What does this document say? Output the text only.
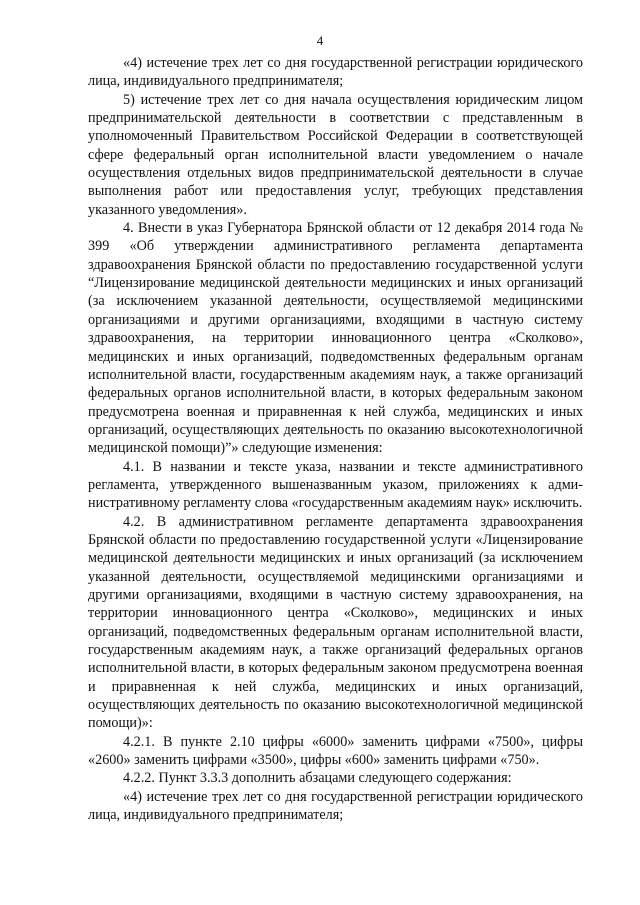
4

«4) истечение трех лет со дня государственной регистрации юридического лица, индивидуального предпринимателя;

5) истечение трех лет со дня начала осуществления юридическим лицом предпринимательской деятельности в соответствии с представленным в уполномоченный Правительством Российской Федерации в соответствующей сфере федеральный орган исполнительной власти уведомлением о начале осуществления отдельных видов предпринимательской деятельности в случае выполнения работ или предоставления услуг, требующих представления указанного уведомления».

4. Внести в указ Губернатора Брянской области от 12 декабря 2014 года № 399 «Об утверждении административного регламента департамента здравоохранения Брянской области по предоставлению государственной услуги “Лицензирование медицинской деятельности медицинских и иных организаций (за исключением указанной деятельности, осуществляемой медицинскими организациями и другими организациями, входящими в частную систему здравоохранения, на территории инновационного центра «Сколково», медицинских и иных организаций, подведомственных федеральным органам исполнительной власти, государственным академиям наук, а также организаций федеральных органов исполнительной власти, в которых федеральным законом предусмотрена военная и приравненная к ней служба, медицинских и иных организаций, осуществляющих деятельность по оказанию высокотехнологичной медицинской помощи)”» следующие изменения:

4.1. В названии и тексте указа, названии и тексте административного регламента, утвержденного вышеназванным указом, приложениях к административному регламенту слова «государственным академиям наук» исключить.

4.2. В административном регламенте департамента здравоохранения Брянской области по предоставлению государственной услуги «Лицензирование медицинской деятельности медицинских и иных организаций (за исключением указанной деятельности, осуществляемой медицинскими организациями и другими организациями, входящими в частную систему здравоохранения, на территории инновационного центра «Сколково», медицинских и иных организаций, подведомственных федеральным органам исполнительной власти, государственным академиям наук, а также организаций федеральных органов исполнительной власти, в которых федеральным законом предусмотрена военная и приравненная к ней служба, медицинских и иных организаций, осуществляющих деятельность по оказанию высокотехнологичной медицинской помощи)»:

4.2.1. В пункте 2.10 цифры «6000» заменить цифрами «7500», цифры «2600» заменить цифрами «3500», цифры «600» заменить цифрами «750».

4.2.2. Пункт 3.3.3 дополнить абзацами следующего содержания:

«4) истечение трех лет со дня государственной регистрации юридического лица, индивидуального предпринимателя;
